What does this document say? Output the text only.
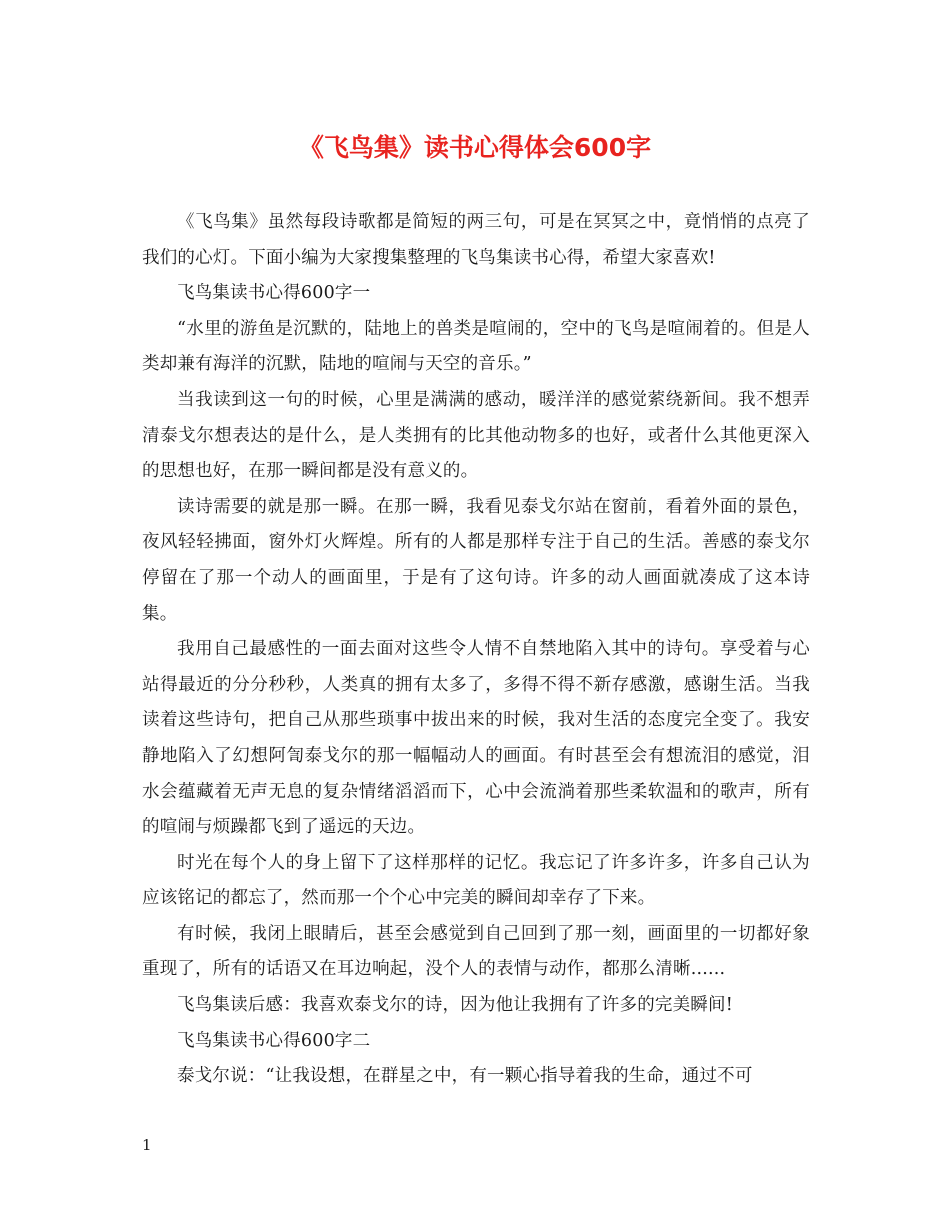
《飞鸟集》读书心得体会600字

《飞鸟集》虽然每段诗歌都是简短的两三句，可是在冥冥之中，竟悄悄的点亮了我们的心灯。下面小编为大家搜集整理的飞鸟集读书心得，希望大家喜欢!

飞鸟集读书心得600字一

“水里的游鱼是沉默的，陆地上的兽类是喧闹的，空中的飞鸟是喧闹着的。但是人类却兼有海洋的沉默，陆地的喧闹与天空的音乐。”

当我读到这一句的时候，心里是满满的感动，暖洋洋的感觉萦绕新间。我不想弄清泰戈尔想表达的是什么，是人类拥有的比其他动物多的也好，或者什么其他更深入的思想也好，在那一瞬间都是没有意义的。

读诗需要的就是那一瞬。在那一瞬，我看见泰戈尔站在窗前，看着外面的景色，夜风轻轻拂面，窗外灯火辉煌。所有的人都是那样专注于自己的生活。善感的泰戈尔停留在了那一个动人的画面里，于是有了这句诗。许多的动人画面就凑成了这本诗集。

我用自己最感性的一面去面对这些令人情不自禁地陷入其中的诗句。享受着与心站得最近的分分秒秒，人类真的拥有太多了，多得不得不新存感激，感谢生活。当我读着这些诗句，把自己从那些琐事中拔出来的时候，我对生活的态度完全变了。我安静地陷入了幻想阿訇泰戈尔的那一幅幅动人的画面。有时甚至会有想流泪的感觉，泪水会蕴藏着无声无息的复杂情绪滔滔而下，心中会流淌着那些柔软温和的歌声，所有的喧闹与烦躁都飞到了遥远的天边。

时光在每个人的身上留下了这样那样的记忆。我忘记了许多许多，许多自己认为应该铭记的都忘了，然而那一个个心中完美的瞬间却幸存了下来。

有时候，我闭上眼睛后，甚至会感觉到自己回到了那一刻，画面里的一切都好象重现了，所有的话语又在耳边响起，没个人的表情与动作，都那么清晰......

飞鸟集读后感：我喜欢泰戈尔的诗，因为他让我拥有了许多的完美瞬间!

飞鸟集读书心得600字二

泰戈尔说：“让我设想，在群星之中，有一颗心指导着我的生命，通过不可

1
